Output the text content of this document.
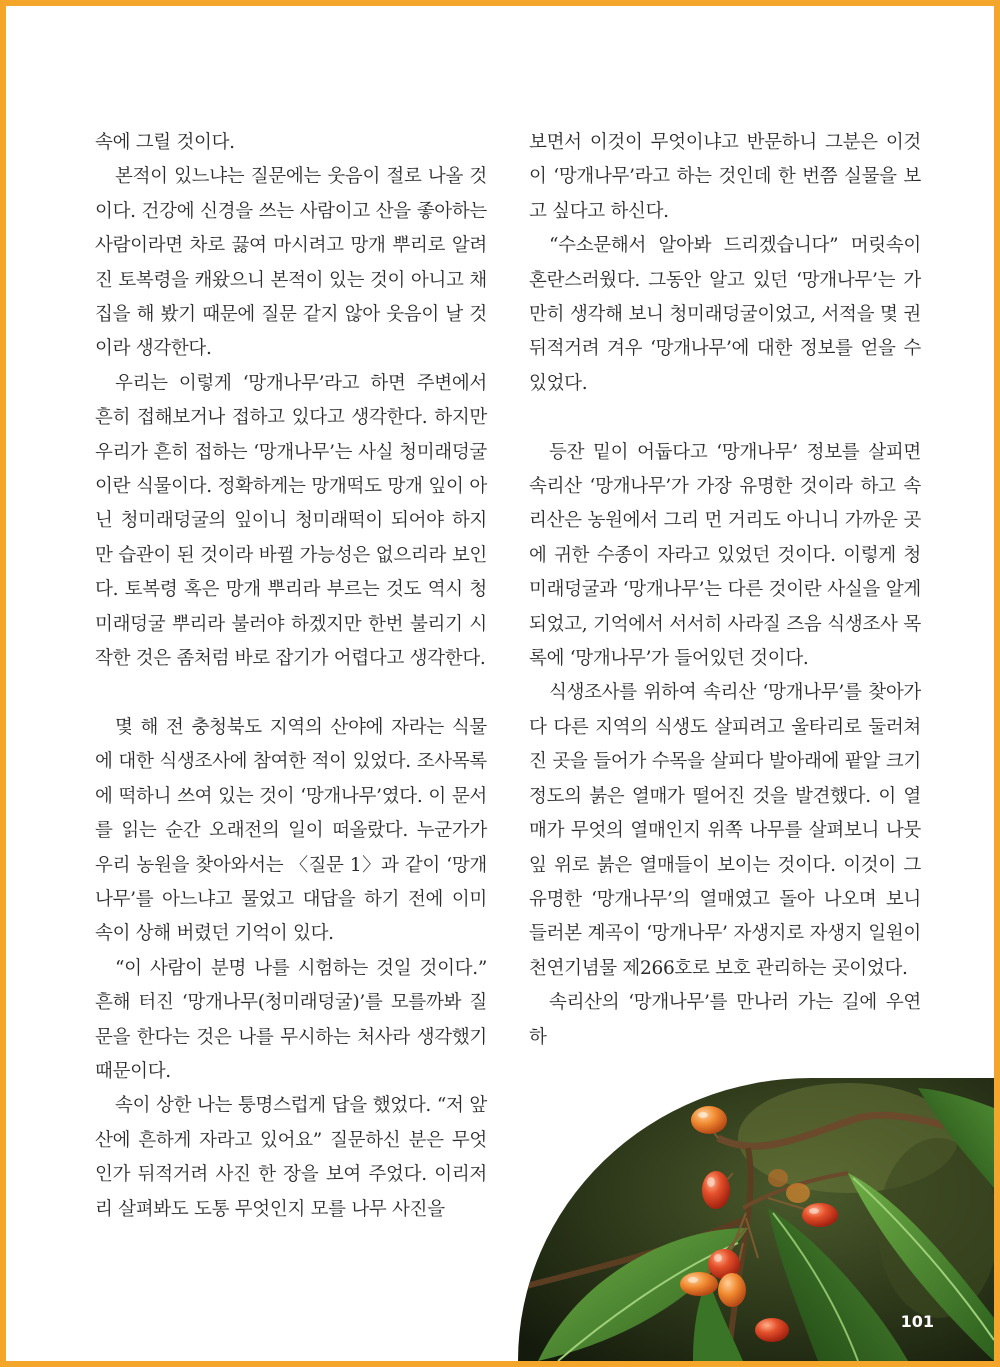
속에 그릴 것이다.

본적이 있느냐는 질문에는 웃음이 절로 나올 것이다. 건강에 신경을 쓰는 사람이고 산을 좋아하는 사람이라면 차로 끓여 마시려고 망개 뿌리로 알려진 토복령을 캐왔으니 본적이 있는 것이 아니고 채집을 해 봤기 때문에 질문 같지 않아 웃음이 날 것이라 생각한다.

우리는 이렇게 ‘망개나무’라고 하면 주변에서 흔히 접해보거나 접하고 있다고 생각한다. 하지만 우리가 흔히 접하는 ‘망개나무’는 사실 청미래덩굴이란 식물이다. 정확하게는 망개떡도 망개 잎이 아닌 청미래덩굴의 잎이니 청미래떡이 되어야 하지만 습관이 된 것이라 바뀔 가능성은 없으리라 보인다. 토복령 혹은 망개 뿌리라 부르는 것도 역시 청미래덩굴 뿌리라 불러야 하겠지만 한번 불리기 시작한 것은 좀처럼 바로 잡기가 어렵다고 생각한다.

몇 해 전 충청북도 지역의 산야에 자라는 식물에 대한 식생조사에 참여한 적이 있었다. 조사목록에 떡하니 쓰여 있는 것이 ‘망개나무’였다. 이 문서를 읽는 순간 오래전의 일이 떠올랐다. 누군가가 우리 농원을 찾아와서는 〈질문 1〉과 같이 ‘망개나무’를 아느냐고 물었고 대답을 하기 전에 이미 속이 상해 버렸던 기억이 있다.

“이 사람이 분명 나를 시험하는 것일 것이다.” 흔해 터진 ‘망개나무(청미래덩굴)’를 모를까봐 질문을 한다는 것은 나를 무시하는 처사라 생각했기 때문이다.

속이 상한 나는 퉁명스럽게 답을 했었다. “저 앞산에 흔하게 자라고 있어요” 질문하신 분은 무엇인가 뒤적거려 사진 한 장을 보여 주었다. 이리저리 살펴봐도 도통 무엇인지 모를 나무 사진을

보면서 이것이 무엇이냐고 반문하니 그분은 이것이 ‘망개나무’라고 하는 것인데 한 번쯤 실물을 보고 싶다고 하신다.

“수소문해서 알아봐 드리겠습니다” 머릿속이 혼란스러웠다. 그동안 알고 있던 ‘망개나무’는 가만히 생각해 보니 청미래덩굴이었고, 서적을 몇 권 뒤적거려 겨우 ‘망개나무’에 대한 정보를 얻을 수 있었다.

등잔 밑이 어둡다고 ‘망개나무’ 정보를 살피면 속리산 ‘망개나무’가 가장 유명한 것이라 하고 속리산은 농원에서 그리 먼 거리도 아니니 가까운 곳에 귀한 수종이 자라고 있었던 것이다. 이렇게 청미래덩굴과 ‘망개나무’는 다른 것이란 사실을 알게 되었고, 기억에서 서서히 사라질 즈음 식생조사 목록에 ‘망개나무’가 들어있던 것이다.

식생조사를 위하여 속리산 ‘망개나무’를 찾아가다 다른 지역의 식생도 살피려고 울타리로 둘러쳐진 곳을 들어가 수목을 살피다 발아래에 팥알 크기 정도의 붉은 열매가 떨어진 것을 발견했다. 이 열매가 무엇의 열매인지 위쪽 나무를 살펴보니 나뭇잎 위로 붉은 열매들이 보이는 것이다. 이것이 그 유명한 ‘망개나무’의 열매였고 돌아 나오며 보니 들러본 계곡이 ‘망개나무’ 자생지로 자생지 일원이 천연기념물 제266호로 보호 관리하는 곳이었다.

속리산의 ‘망개나무’를 만나러 가는 길에 우연하

101
